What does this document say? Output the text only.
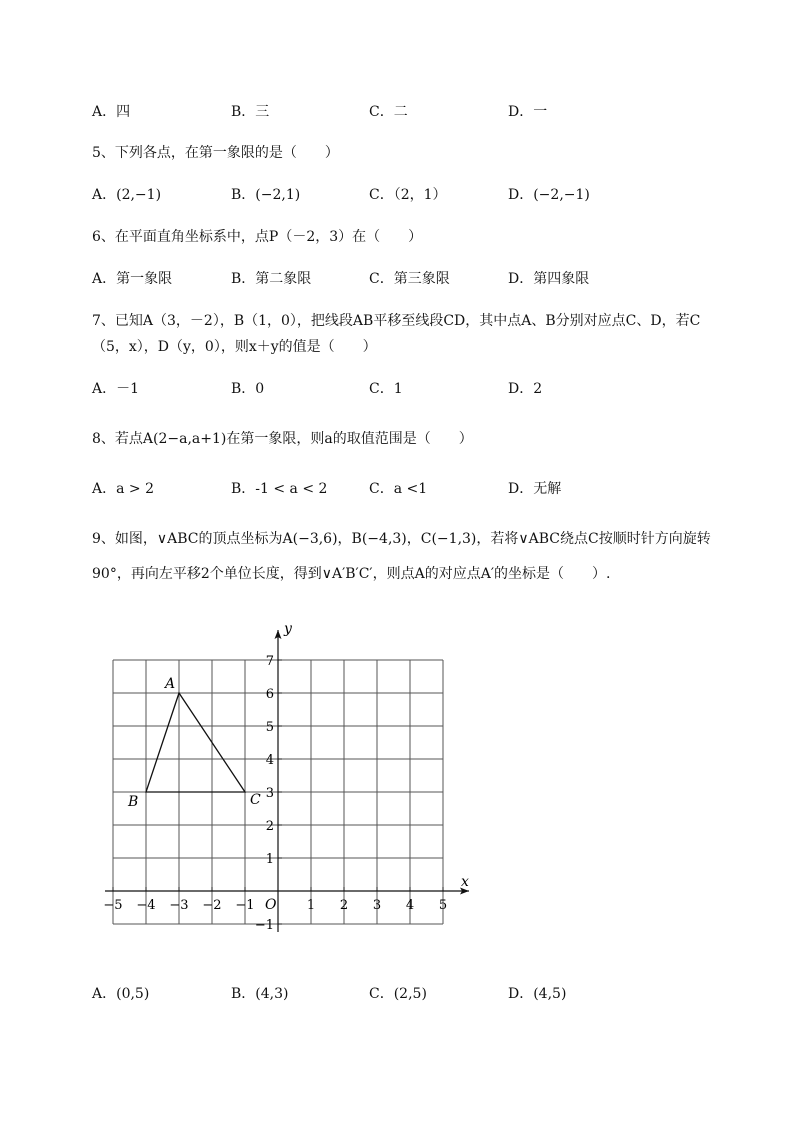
A．四	B．三	C．二	D．一
5、下列各点，在第一象限的是（　　）
A．(2,−1)	B．(−2,1)	C．（2，1）	D．(−2,−1)
6、在平面直角坐标系中，点P（－2，3）在（　　）
A．第一象限	B．第二象限	C．第三象限	D．第四象限
7、已知A（3，－2），B（1，0），把线段AB平移至线段CD，其中点A、B分别对应点C、D，若C
（5，x），D（y，0），则x＋y的值是（　　）
A．－1	B．0	C．1	D．2
8、若点A(2−a,a+1)在第一象限，则a的取值范围是（　　）
A．a > 2	B．-1 < a < 2	C．a <1	D．无解
9、如图，∨ABC的顶点坐标为A(−3,6)，B(−4,3)，C(−1,3)，若将∨ABC绕点C按顺时针方向旋转
90°，再向左平移2个单位长度，得到∨A′B′C′，则点A的对应点A′的坐标是（　　）.
x
y
O
−5 −4 −3 −2 −1	1 2 3 4 5
−1
1
2
3
4
5
6
7
A
B	C
A．(0,5)	B．(4,3)	C．(2,5)	D．(4,5)
